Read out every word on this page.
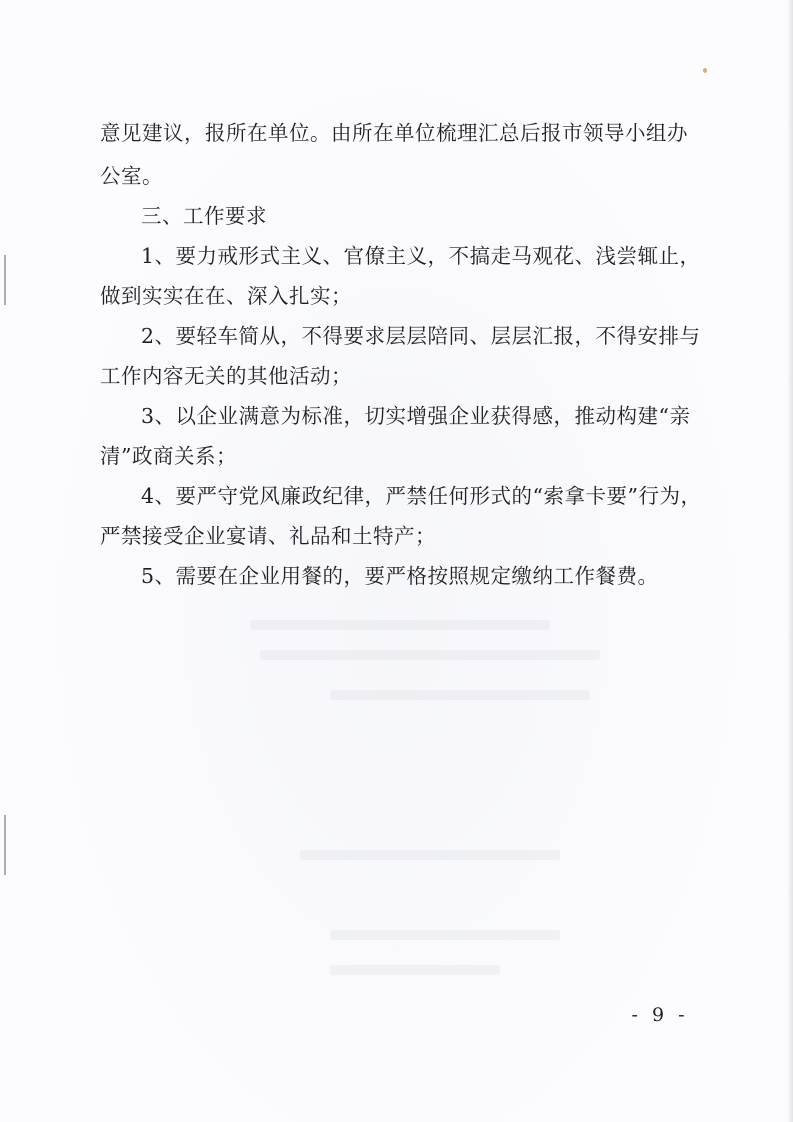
意见建议，报所在单位。由所在单位梳理汇总后报市领导小组办
公室。
三、工作要求
1、要力戒形式主义、官僚主义，不搞走马观花、浅尝辄止，
做到实实在在、深入扎实；
2、要轻车简从，不得要求层层陪同、层层汇报，不得安排与
工作内容无关的其他活动；
3、以企业满意为标准，切实增强企业获得感，推动构建“亲
清”政商关系；
4、要严守党风廉政纪律，严禁任何形式的“索拿卡要”行为，
严禁接受企业宴请、礼品和土特产；
5、需要在企业用餐的，要严格按照规定缴纳工作餐费。
- 9 -
